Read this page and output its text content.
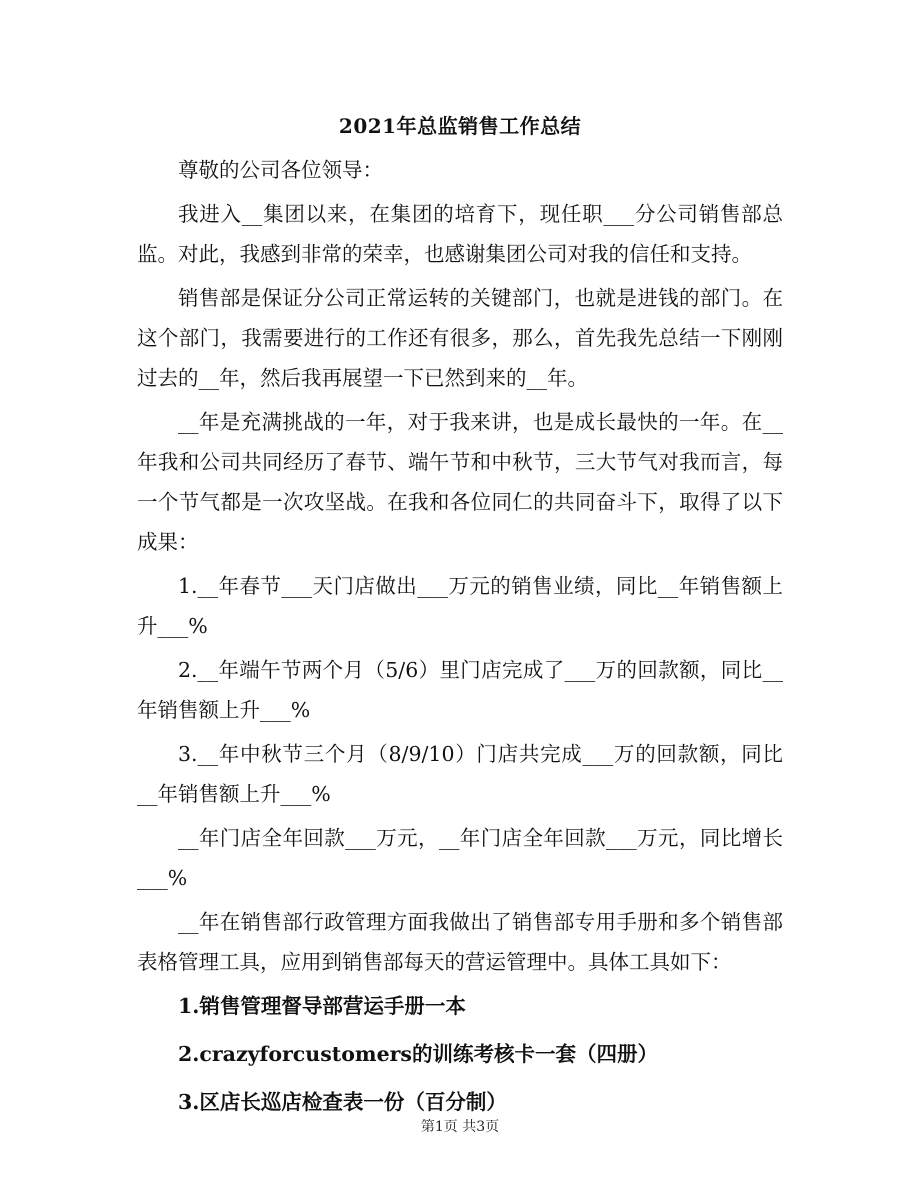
2021年总监销售工作总结

尊敬的公司各位领导：

我进入__集团以来，在集团的培育下，现任职___分公司销售部总监。对此，我感到非常的荣幸，也感谢集团公司对我的信任和支持。

销售部是保证分公司正常运转的关键部门，也就是进钱的部门。在这个部门，我需要进行的工作还有很多，那么，首先我先总结一下刚刚过去的__年，然后我再展望一下已然到来的__年。

__年是充满挑战的一年，对于我来讲，也是成长最快的一年。在__年我和公司共同经历了春节、端午节和中秋节，三大节气对我而言，每一个节气都是一次攻坚战。在我和各位同仁的共同奋斗下，取得了以下成果：

1.__年春节___天门店做出___万元的销售业绩，同比__年销售额上升___%

2.__年端午节两个月（5/6）里门店完成了___万的回款额，同比__年销售额上升___%

3.__年中秋节三个月（8/9/10）门店共完成___万的回款额，同比__年销售额上升___%

__年门店全年回款___万元，__年门店全年回款___万元，同比增长___%

__年在销售部行政管理方面我做出了销售部专用手册和多个销售部表格管理工具，应用到销售部每天的营运管理中。具体工具如下：

1.销售管理督导部营运手册一本

2.crazyforcustomers的训练考核卡一套（四册）

3.区店长巡店检查表一份（百分制）

第1页 共3页
